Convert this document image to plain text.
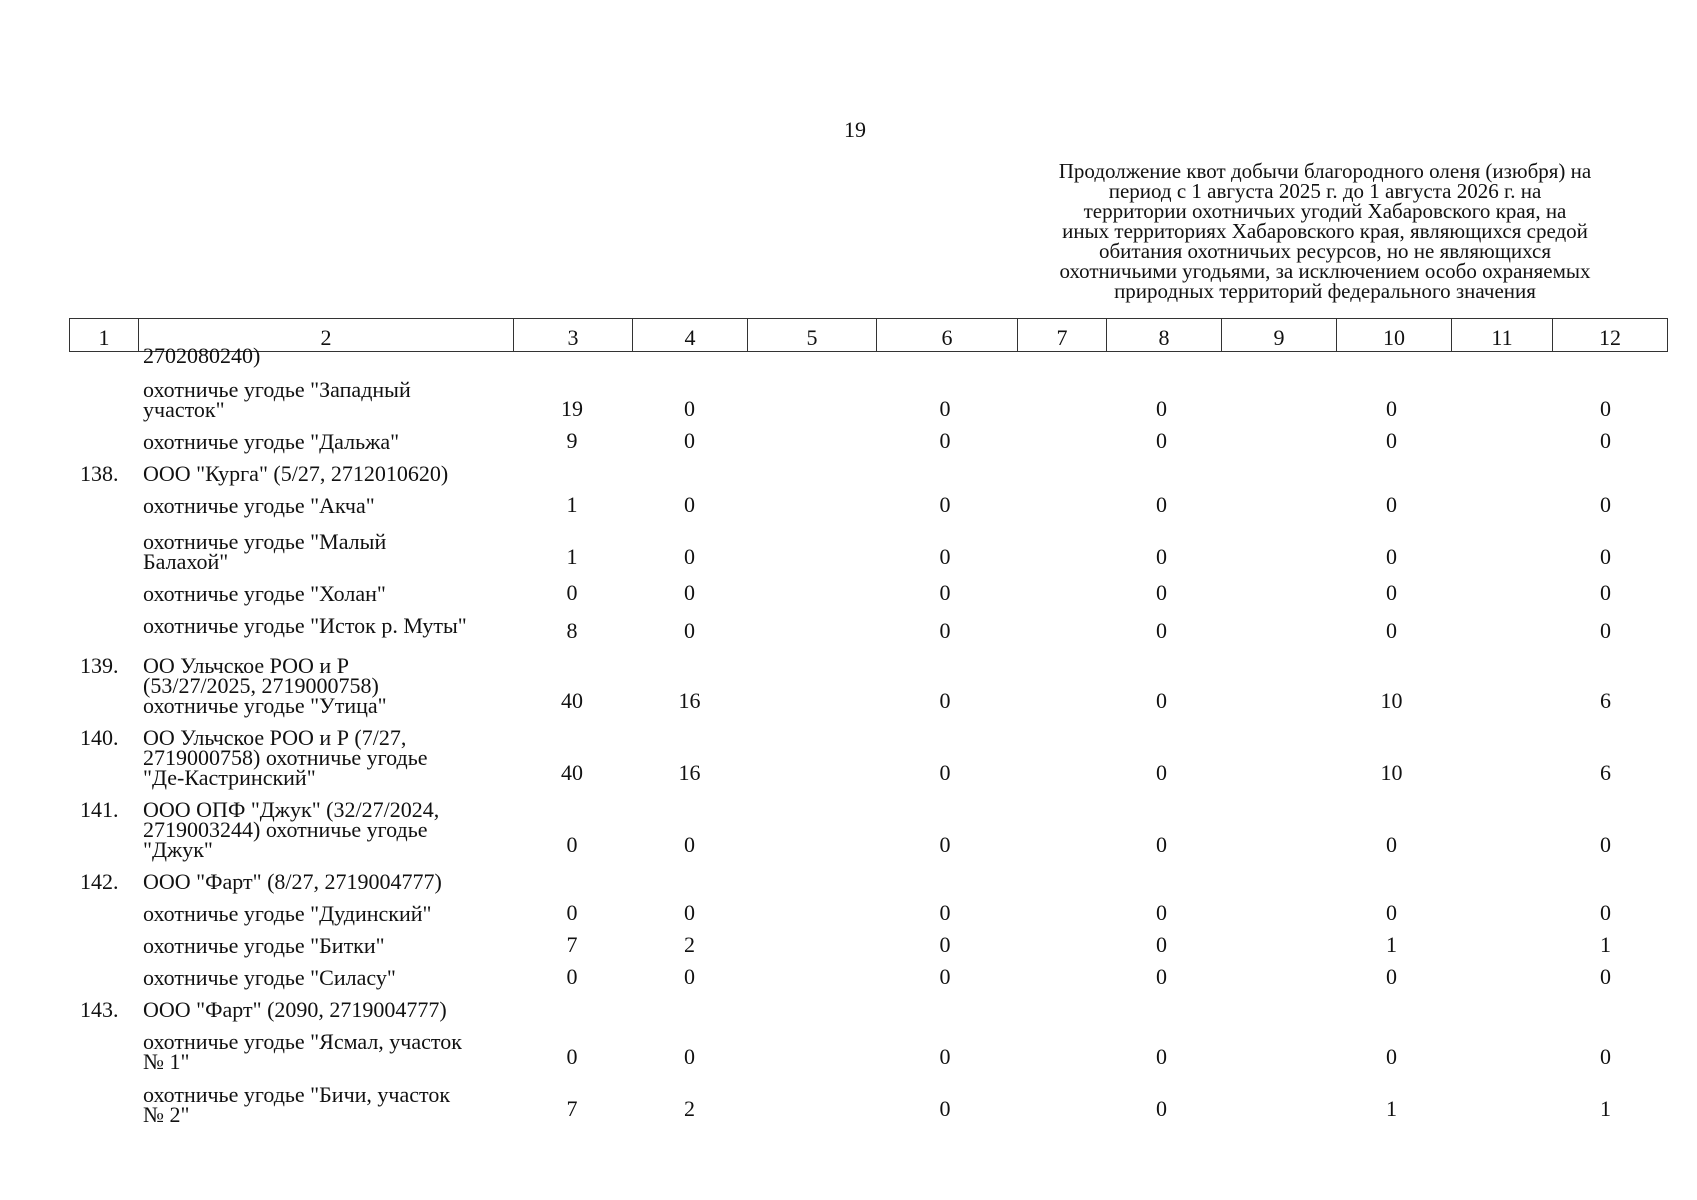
19
Продолжение квот добычи благородного оленя (изюбря) на
период с 1 августа 2025 г. до 1 августа 2026 г. на
территории охотничьих угодий Хабаровского края, на
иных территориях Хабаровского края, являющихся средой
обитания охотничьих ресурсов, но не являющихся
охотничьими угодьями, за исключением особо охраняемых
природных территорий федерального значения
1	2	3	4	5	6	7	8	9	10	11	12
2702080240)
охотничье угодье "Западный
участок"	19	0	0	0	0	0
охотничье угодье "Дальжа"	9	0	0	0	0	0
138.	ООО "Курга" (5/27, 2712010620)
охотничье угодье "Акча"	1	0	0	0	0	0
охотничье угодье "Малый
Балахой"	1	0	0	0	0	0
охотничье угодье "Холан"	0	0	0	0	0	0
охотничье угодье "Исток р. Муты"	8	0	0	0	0	0
139.	ОО Ульчское РОО и Р
(53/27/2025, 2719000758)
охотничье угодье "Утица"	40	16	0	0	10	6
140.	ОО Ульчское РОО и Р (7/27,
2719000758) охотничье угодье
"Де-Кастринский"	40	16	0	0	10	6
141.	ООО ОПФ "Джук" (32/27/2024,
2719003244) охотничье угодье
"Джук"	0	0	0	0	0	0
142.	ООО "Фарт" (8/27, 2719004777)
охотничье угодье "Дудинский"	0	0	0	0	0	0
охотничье угодье "Битки"	7	2	0	0	1	1
охотничье угодье "Силасу"	0	0	0	0	0	0
143.	ООО "Фарт" (2090, 2719004777)
охотничье угодье "Ясмал, участок
№ 1"	0	0	0	0	0	0
охотничье угодье "Бичи, участок
№ 2"	7	2	0	0	1	1
